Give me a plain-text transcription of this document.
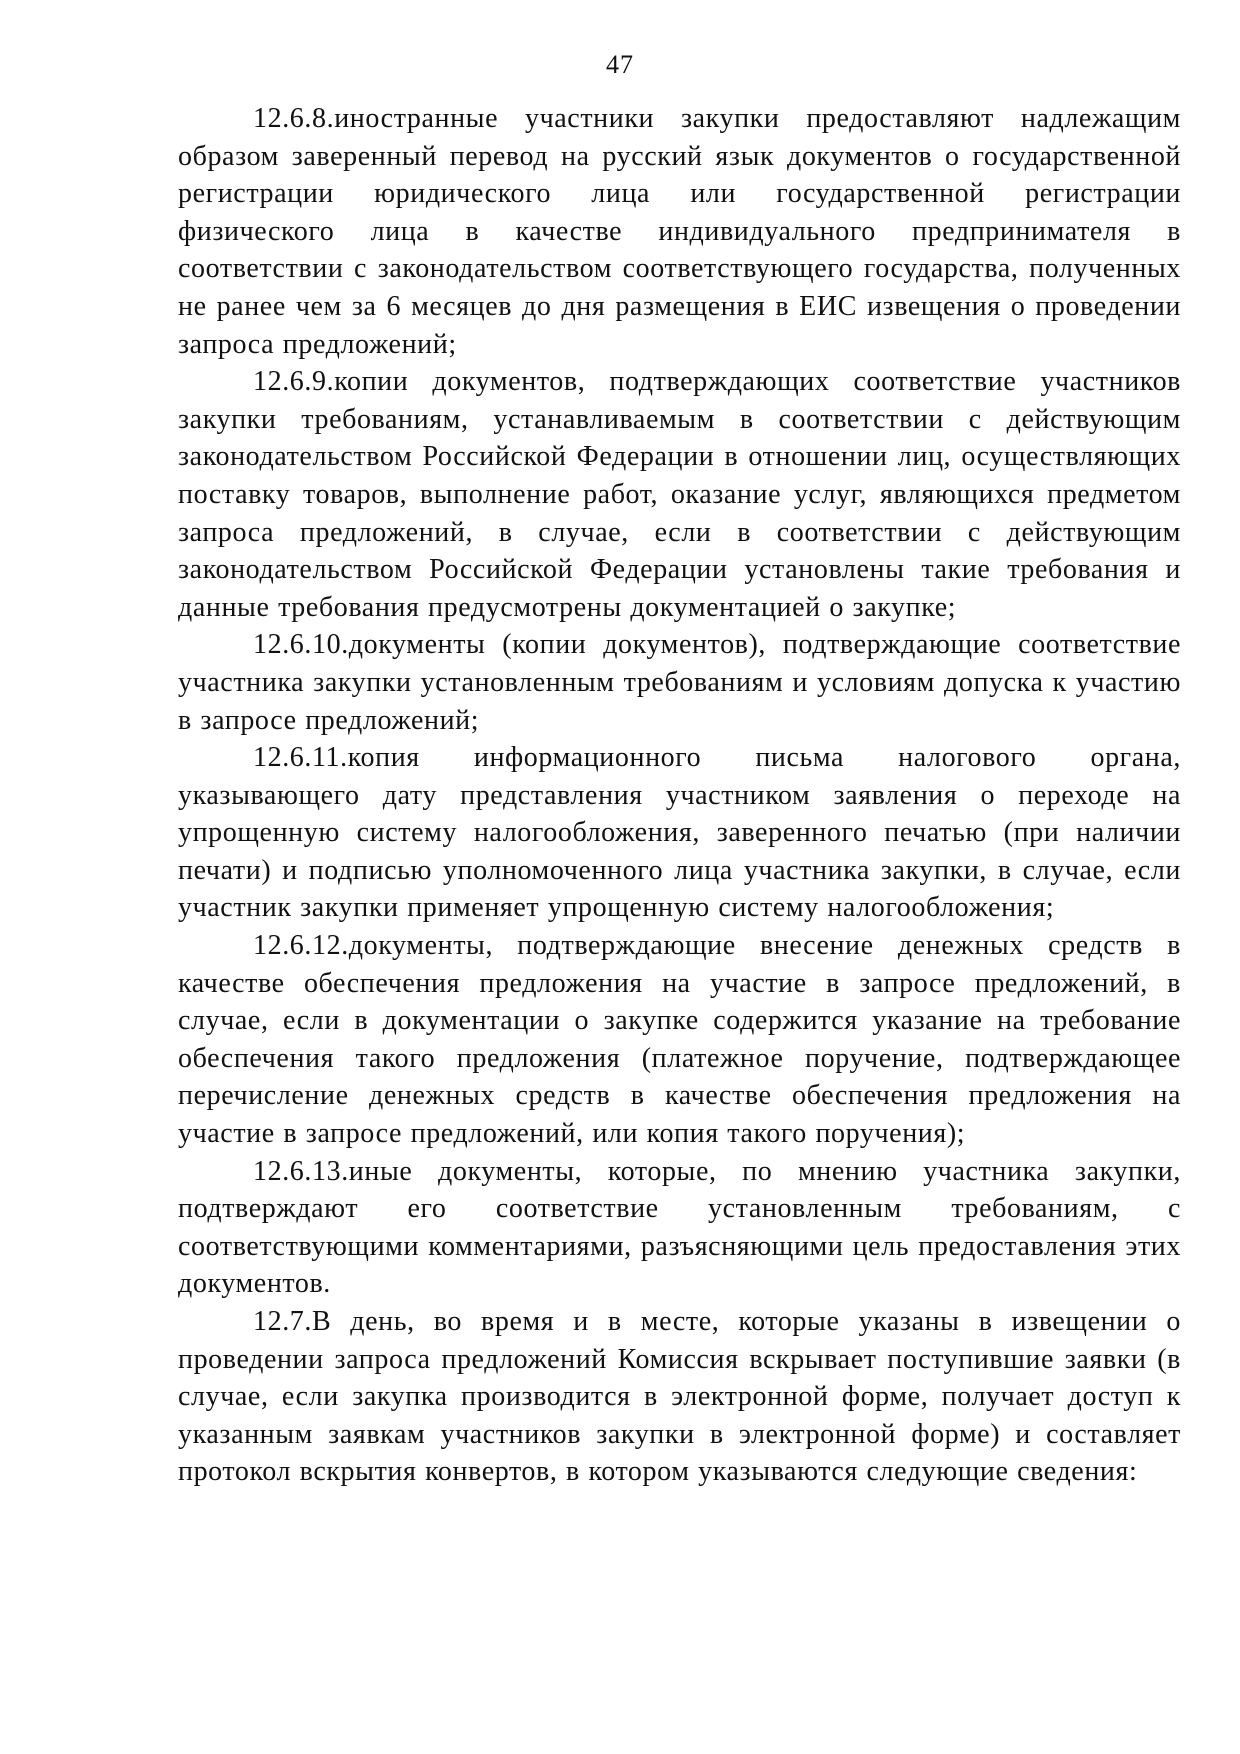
47

12.6.8.иностранные участники закупки предоставляют надлежащим образом заверенный перевод на русский язык документов о государственной регистрации юридического лица или государственной регистрации физического лица в качестве индивидуального предпринимателя в соответствии с законодательством соответствующего государства, полученных не ранее чем за 6 месяцев до дня размещения в ЕИС извещения о проведении запроса предложений;

12.6.9.копии документов, подтверждающих соответствие участников закупки требованиям, устанавливаемым в соответствии с действующим законодательством Российской Федерации в отношении лиц, осуществляющих поставку товаров, выполнение работ, оказание услуг, являющихся предметом запроса предложений, в случае, если в соответствии с действующим законодательством Российской Федерации установлены такие требования и данные требования предусмотрены документацией о закупке;

12.6.10.документы (копии документов), подтверждающие соответствие участника закупки установленным требованиям и условиям допуска к участию в запросе предложений;

12.6.11.копия информационного письма налогового органа, указывающего дату представления участником заявления о переходе на упрощенную систему налогообложения, заверенного печатью (при наличии печати) и подписью уполномоченного лица участника закупки, в случае, если участник закупки применяет упрощенную систему налогообложения;

12.6.12.документы, подтверждающие внесение денежных средств в качестве обеспечения предложения на участие в запросе предложений, в случае, если в документации о закупке содержится указание на требование обеспечения такого предложения (платежное поручение, подтверждающее перечисление денежных средств в качестве обеспечения предложения на участие в запросе предложений, или копия такого поручения);

12.6.13.иные документы, которые, по мнению участника закупки, подтверждают его соответствие установленным требованиям, с соответствующими комментариями, разъясняющими цель предоставления этих документов.

12.7.В день, во время и в месте, которые указаны в извещении о проведении запроса предложений Комиссия вскрывает поступившие заявки (в случае, если закупка производится в электронной форме, получает доступ к указанным заявкам участников закупки в электронной форме) и составляет протокол вскрытия конвертов, в котором указываются следующие сведения:
